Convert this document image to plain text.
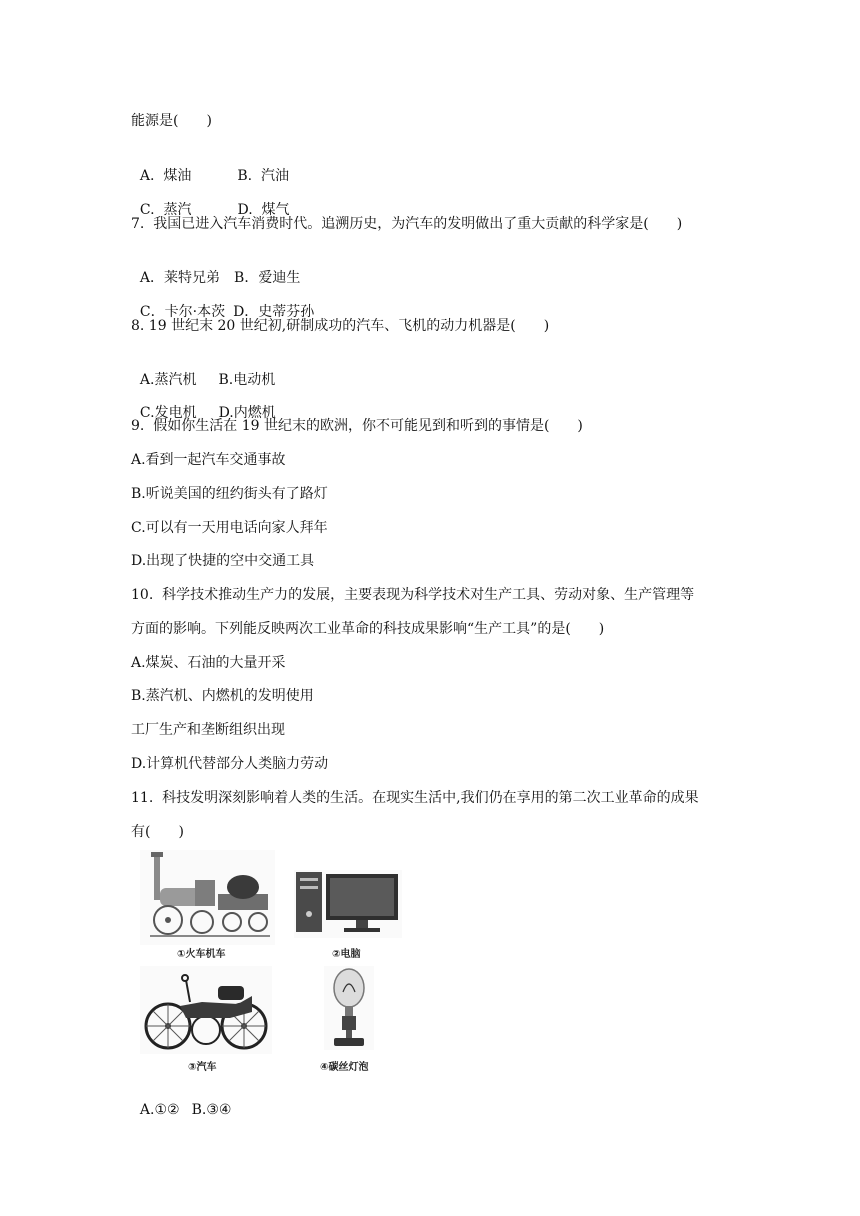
能源是(　　)

A.  煤油	B.  汽油

C.  蒸汽	D.  煤气

7.  我国已进入汽车消费时代。追溯历史，为汽车的发明做出了重大贡献的科学家是(　　)

A．莱特兄弟 B．爱迪生

C．卡尔·本茨 D．史蒂芬孙

8. 19 世纪末 20 世纪初,研制成功的汽车、飞机的动力机器是(　　)

A.蒸汽机 B.电动机

C.发电机 D.内燃机

9.  假如你生活在 19 世纪末的欧洲，你不可能见到和听到的事情是(　　)
A.看到一起汽车交通事故
B.听说美国的纽约街头有了路灯
C.可以有一天用电话向家人拜年
D.出现了快捷的空中交通工具
10.  科学技术推动生产力的发展，主要表现为科学技术对生产工具、劳动对象、生产管理等
方面的影响。下列能反映两次工业革命的科技成果影响“生产工具”的是(　　)
A.煤炭、石油的大量开采
B.蒸汽机、内燃机的发明使用
工厂生产和垄断组织出现
D.计算机代替部分人类脑力劳动
11.  科技发明深刻影响着人类的生活。在现实生活中,我们仍在享用的第二次工业革命的成果
有(　　)
①火车机车	②电脑
③汽车	④碳丝灯泡

A.①② B.③④
